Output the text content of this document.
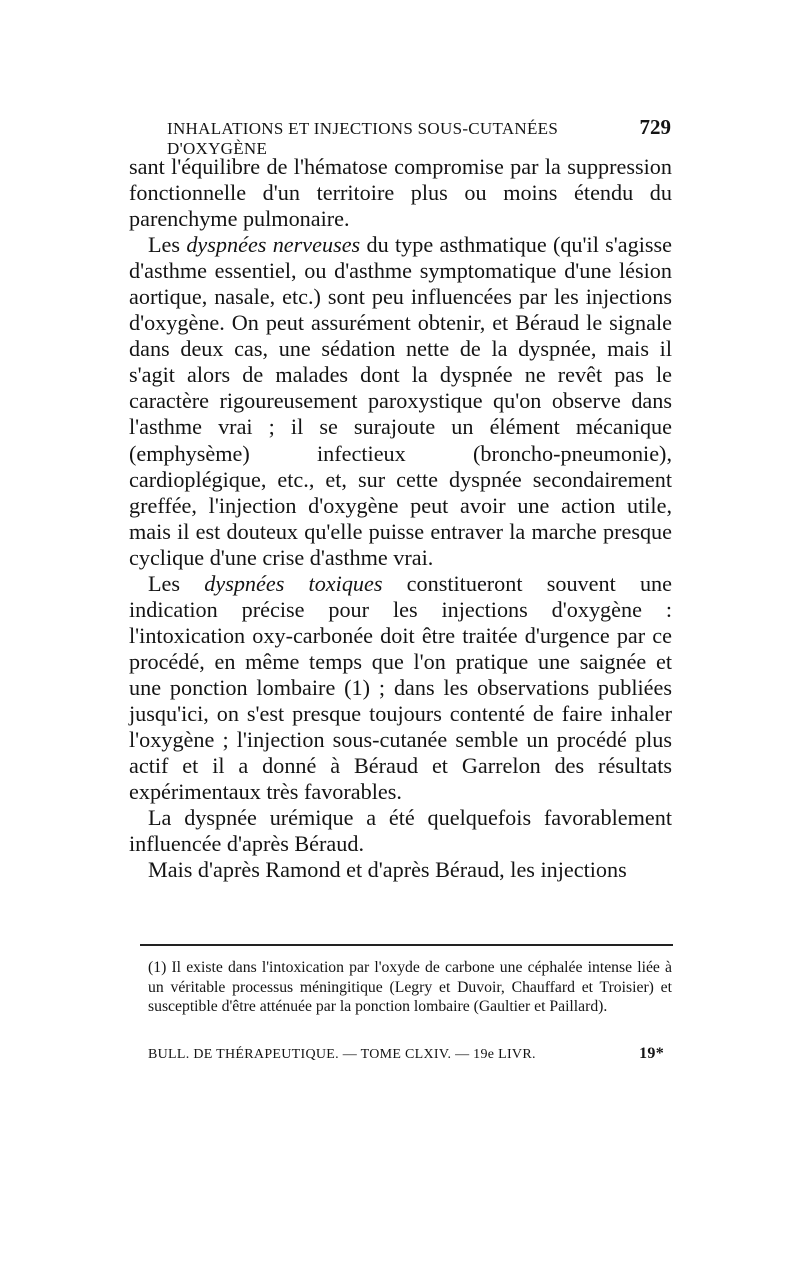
INHALATIONS ET INJECTIONS SOUS-CUTANÉES D'OXYGÈNE
729

sant l'équilibre de l'hématose compromise par la suppression fonctionnelle d'un territoire plus ou moins étendu du parenchyme pulmonaire.

Les dyspnées nerveuses du type asthmatique (qu'il s'agisse d'asthme essentiel, ou d'asthme symptomatique d'une lésion aortique, nasale, etc.) sont peu influencées par les injections d'oxygène. On peut assurément obtenir, et Béraud le signale dans deux cas, une sédation nette de la dyspnée, mais il s'agit alors de malades dont la dyspnée ne revêt pas le caractère rigoureusement paroxystique qu'on observe dans l'asthme vrai ; il se surajoute un élément mécanique (emphysème) infectieux (broncho-pneumonie), cardioplégique, etc., et, sur cette dyspnée secondairement greffée, l'injection d'oxygène peut avoir une action utile, mais il est douteux qu'elle puisse entraver la marche presque cyclique d'une crise d'asthme vrai.

Les dyspnées toxiques constitueront souvent une indication précise pour les injections d'oxygène : l'intoxication oxy-carbonée doit être traitée d'urgence par ce procédé, en même temps que l'on pratique une saignée et une ponction lombaire (1) ; dans les observations publiées jusqu'ici, on s'est presque toujours contenté de faire inhaler l'oxygène ; l'injection sous-cutanée semble un procédé plus actif et il a donné à Béraud et Garrelon des résultats expérimentaux très favorables.

La dyspnée urémique a été quelquefois favorablement influencée d'après Béraud.

Mais d'après Ramond et d'après Béraud, les injections

(1) Il existe dans l'intoxication par l'oxyde de carbone une céphalée intense liée à un véritable processus méningitique (Legry et Duvoir, Chauffard et Troisier) et susceptible d'être atténuée par la ponction lombaire (Gaultier et Paillard).

BULL. DE THÉRAPEUTIQUE. — TOME CLXIV. — 19e LIVR.	19*
